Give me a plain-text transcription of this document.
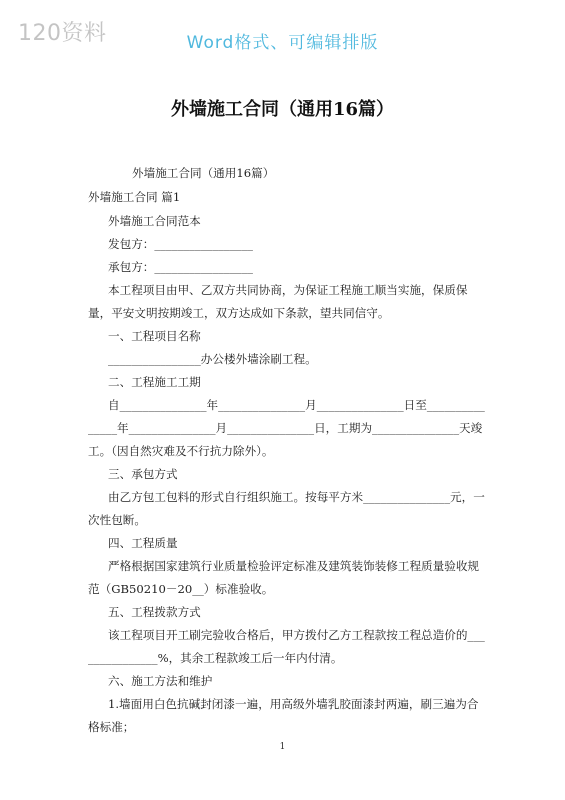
120资料	Word格式、可编辑排版
外墙施工合同（通用16篇）
外墙施工合同（通用16篇）
外墙施工合同 篇1
外墙施工合同范本
发包方：_________________
承包方：_________________
本工程项目由甲、乙双方共同协商，为保证工程施工顺当实施，保质保
量，平安文明按期竣工，双方达成如下条款，望共同信守。
一、工程项目名称
________________办公楼外墙涂刷工程。
二、工程施工工期
自_______________年_______________月_______________日至__________
_____年_______________月_______________日，工期为_______________天竣
工。（因自然灾难及不行抗力除外）。
三、承包方式
由乙方包工包料的形式自行组织施工。按每平方米_______________元，一
次性包断。
四、工程质量
严格根据国家建筑行业质量检验评定标准及建筑装饰装修工程质量验收规
范（GB50210－20__）标准验收。
五、工程拨款方式
该工程项目开工刷完验收合格后，甲方拨付乙方工程款按工程总造价的___
____________%，其余工程款竣工后一年内付清。
六、施工方法和维护
1.墙面用白色抗碱封闭漆一遍，用高级外墙乳胶面漆封两遍，刷三遍为合
格标准；
1
